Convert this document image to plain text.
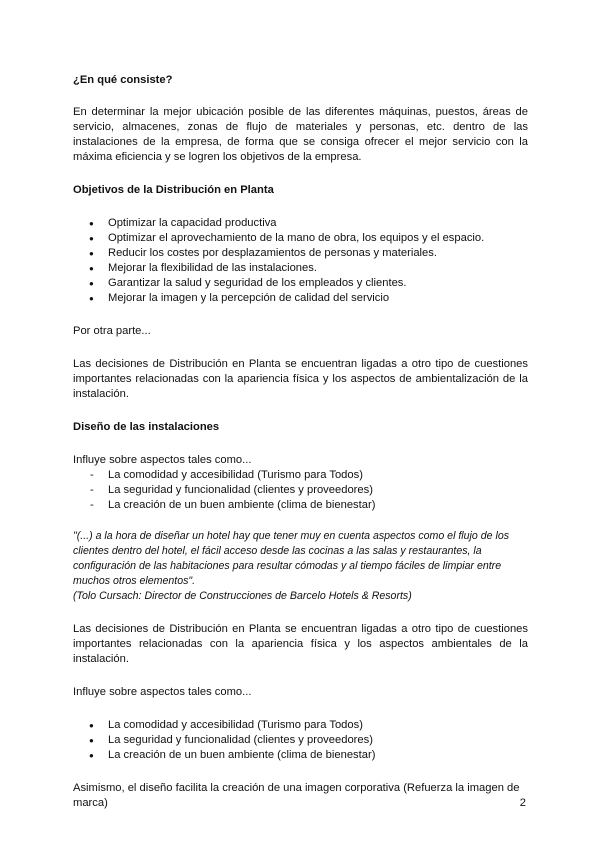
¿En qué consiste?

En determinar la mejor ubicación posible de las diferentes máquinas, puestos, áreas de servicio, almacenes, zonas de flujo de materiales y personas, etc. dentro de las instalaciones de la empresa, de forma que se consiga ofrecer el mejor servicio con la máxima eficiencia y se logren los objetivos de la empresa.

Objetivos de la Distribución en Planta
● Optimizar la capacidad productiva
● Optimizar el aprovechamiento de la mano de obra, los equipos y el espacio.
● Reducir los costes por desplazamientos de personas y materiales.
● Mejorar la flexibilidad de las instalaciones.
● Garantizar la salud y seguridad de los empleados y clientes.
● Mejorar la imagen y la percepción de calidad del servicio

Por otra parte...

Las decisiones de Distribución en Planta se encuentran ligadas a otro tipo de cuestiones importantes relacionadas con la apariencia física y los aspectos de ambientalización de la instalación.

Diseño de las instalaciones

Influye sobre aspectos tales como...

- La comodidad y accesibilidad (Turismo para Todos)
- La seguridad y funcionalidad (clientes y proveedores)
- La creación de un buen ambiente (clima de bienestar)

"(...) a la hora de diseñar un hotel hay que tener muy en cuenta aspectos como el flujo de los clientes dentro del hotel, el fácil acceso desde las cocinas a las salas y restaurantes, la configuración de las habitaciones para resultar cómodas y al tiempo fáciles de limpiar entre muchos otros elementos".

(Tolo Cursach: Director de Construcciones de Barcelo Hotels & Resorts)

Las decisiones de Distribución en Planta se encuentran ligadas a otro tipo de cuestiones importantes relacionadas con la apariencia física y los aspectos ambientales de la instalación.

Influye sobre aspectos tales como...

● La comodidad y accesibilidad (Turismo para Todos)
● La seguridad y funcionalidad (clientes y proveedores)
● La creación de un buen ambiente (clima de bienestar)

Asimismo, el diseño facilita la creación de una imagen corporativa (Refuerza la imagen de marca)	2
